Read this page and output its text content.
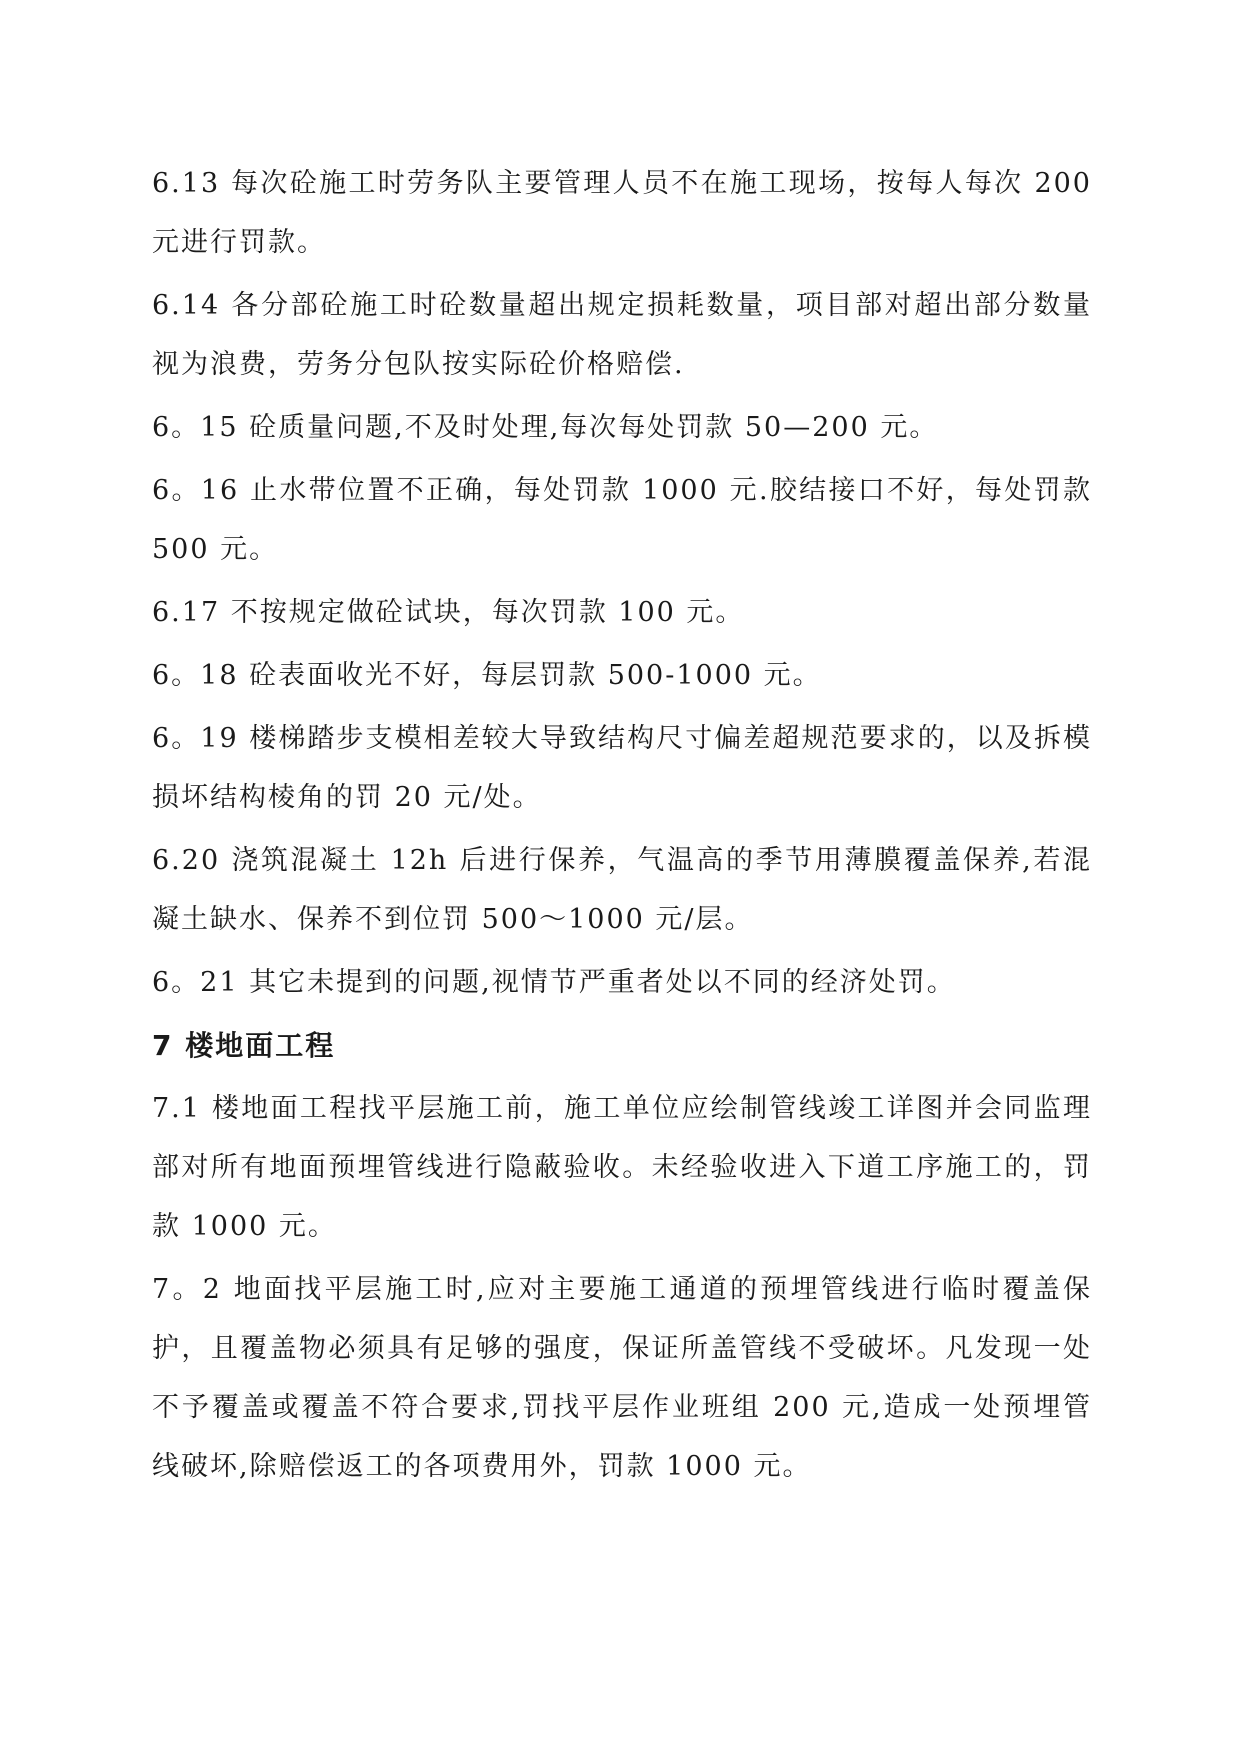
6.13 每次砼施工时劳务队主要管理人员不在施工现场，按每人每次 200 元进行罚款。

6.14 各分部砼施工时砼数量超出规定损耗数量，项目部对超出部分数量视为浪费，劳务分包队按实际砼价格赔偿.

6。15 砼质量问题,不及时处理,每次每处罚款 50—200 元。

6。16 止水带位置不正确，每处罚款 1000 元.胶结接口不好，每处罚款 500 元。

6.17 不按规定做砼试块，每次罚款 100 元。

6。18 砼表面收光不好，每层罚款 500-1000 元。

6。19 楼梯踏步支模相差较大导致结构尺寸偏差超规范要求的，以及拆模损坏结构棱角的罚 20 元/处。

6.20 浇筑混凝土 12h 后进行保养，气温高的季节用薄膜覆盖保养,若混凝土缺水、保养不到位罚 500～1000 元/层。

6。21 其它未提到的问题,视情节严重者处以不同的经济处罚。

7 楼地面工程

7.1 楼地面工程找平层施工前，施工单位应绘制管线竣工详图并会同监理部对所有地面预埋管线进行隐蔽验收。未经验收进入下道工序施工的，罚款 1000 元。

7。2 地面找平层施工时,应对主要施工通道的预埋管线进行临时覆盖保护，且覆盖物必须具有足够的强度，保证所盖管线不受破坏。凡发现一处不予覆盖或覆盖不符合要求,罚找平层作业班组 200 元,造成一处预埋管线破坏,除赔偿返工的各项费用外，罚款 1000 元。
